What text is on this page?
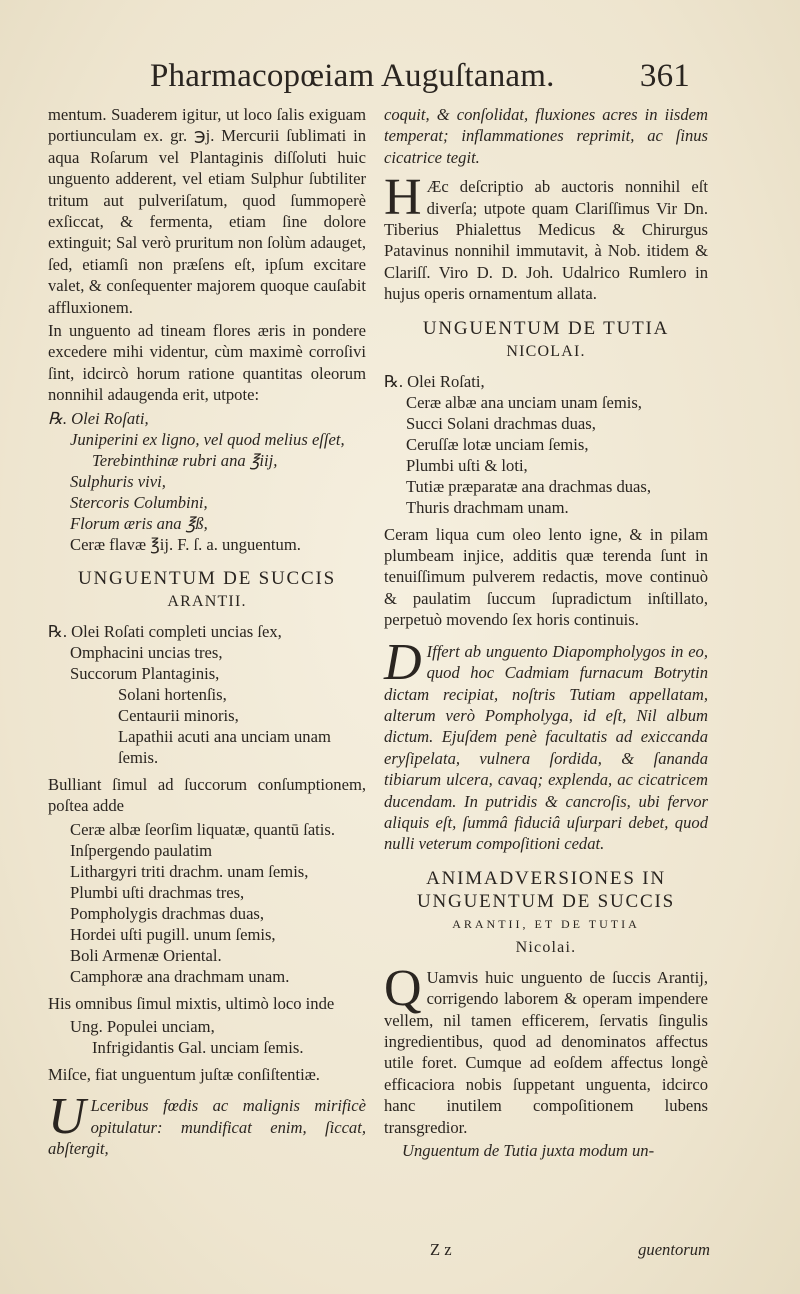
Pharmacopœiam Auguſtanam.	361

mentum. Suaderem igitur, ut loco ſalis exiguam portiunculam ex. gr. ℈j. Mercurii ſublimati in aqua Roſarum vel Plantaginis diſſoluti huic unguento adderent, vel etiam Sulphur ſubtiliter tritum aut pulveriſatum, quod ſummoperè exſiccat, & fermenta, etiam ſine dolore extinguit; Sal verò pruritum non ſolùm adauget, ſed, etiamſi non præſens eſt, ipſum excitare valet, & conſequenter majorem quoque cauſabit affluxionem.

In unguento ad tineam flores æris in pondere excedere mihi videntur, cùm maximè corroſivi ſint, idcircò horum ratione quantitas oleorum nonnihil adaugenda erit, utpote:

℞. Olei Roſati,
Juniperini ex ligno, vel quod melius eſſet,
Terebinthinæ rubri ana ℥iij,
Sulphuris vivi,
Stercoris Columbini,
Florum æris ana ℥ß,
Ceræ flavæ ℥ij. F. ſ. a. unguentum.
UNGUENTUM DE SUCCIS
ARANTII.
℞. Olei Roſati completi uncias ſex,
Omphacini uncias tres,
Succorum Plantaginis,
Solani hortenſis,
Centaurii minoris,
Lapathii acuti ana unciam unam ſemis.

Bulliant ſimul ad ſuccorum conſumptionem, poſtea adde

Ceræ albæ ſeorſim liquatæ, quantū ſatis.
Inſpergendo paulatim
Lithargyri triti drachm. unam ſemis,
Plumbi uſti drachmas tres,
Pompholygis drachmas duas,
Hordei uſti pugill. unum ſemis,
Boli Armenæ Oriental.
Camphoræ ana drachmam unam.

His omnibus ſimul mixtis, ultimò loco inde

Ung. Populei unciam,
Infrigidantis Gal. unciam ſemis.

Miſce, fiat unguentum juſtæ conſiſtentiæ.

U Lceribus fœdis ac malignis mirificè opitulatur: mundificat enim, ſiccat, abſtergit,

coquit, & conſolidat, fluxiones acres in iisdem temperat; inflammationes reprimit, ac ſinus cicatrice tegit.

H Æc deſcriptio ab auctoris nonnihil eſt diverſa; utpote quam Clariſſimus Vir Dn. Tiberius Phialettus Medicus & Chirurgus Patavinus nonnihil immutavit, à Nob. itidem & Clariſſ. Viro D. D. Joh. Udalrico Rumlero in hujus operis ornamentum allata.

UNGUENTUM DE TUTIA
NICOLAI.
℞. Olei Roſati,
Ceræ albæ ana unciam unam ſemis,
Succi Solani drachmas duas,
Ceruſſæ lotæ unciam ſemis,
Plumbi uſti & loti,
Tutiæ præparatæ ana drachmas duas,
Thuris drachmam unam.

Ceram liqua cum oleo lento igne, & in pilam plumbeam injice, additis quæ terenda ſunt in tenuiſſimum pulverem redactis, move continuò & paulatim ſuccum ſupradictum inſtillato, perpetuò movendo ſex horis continuis.

D Iffert ab unguento Diapompholygos in eo, quod hoc Cadmiam furnacum Botrytin dictam recipiat, noſtris Tutiam appellatam, alterum verò Pompholyga, id eſt, Nil album dictum. Ejuſdem penè facultatis ad exiccanda eryſipelata, vulnera ſordida, & ſananda tibiarum ulcera, cavaq; explenda, ac cicatricem ducendam. In putridis & cancroſis, ubi fervor aliquis eſt, ſummâ fiduciâ uſurpari debet, quod nulli veterum compoſitioni cedat.

ANIMADVERSIONES IN
UNGUENTUM DE SUCCIS
ARANTII, ET DE TUTIA
Nicolai.

Q Uamvis huic unguento de ſuccis Arantij, corrigendo laborem & operam impendere vellem, nil tamen efficerem, ſervatis ſingulis ingredientibus, quod ad denominatos affectus utile foret. Cumque ad eoſdem affectus longè efficaciora nobis ſuppetant unguenta, idcirco hanc inutilem compoſitionem lubens transgredior.

Unguentum de Tutia juxta modum un-

Z z	guentorum
